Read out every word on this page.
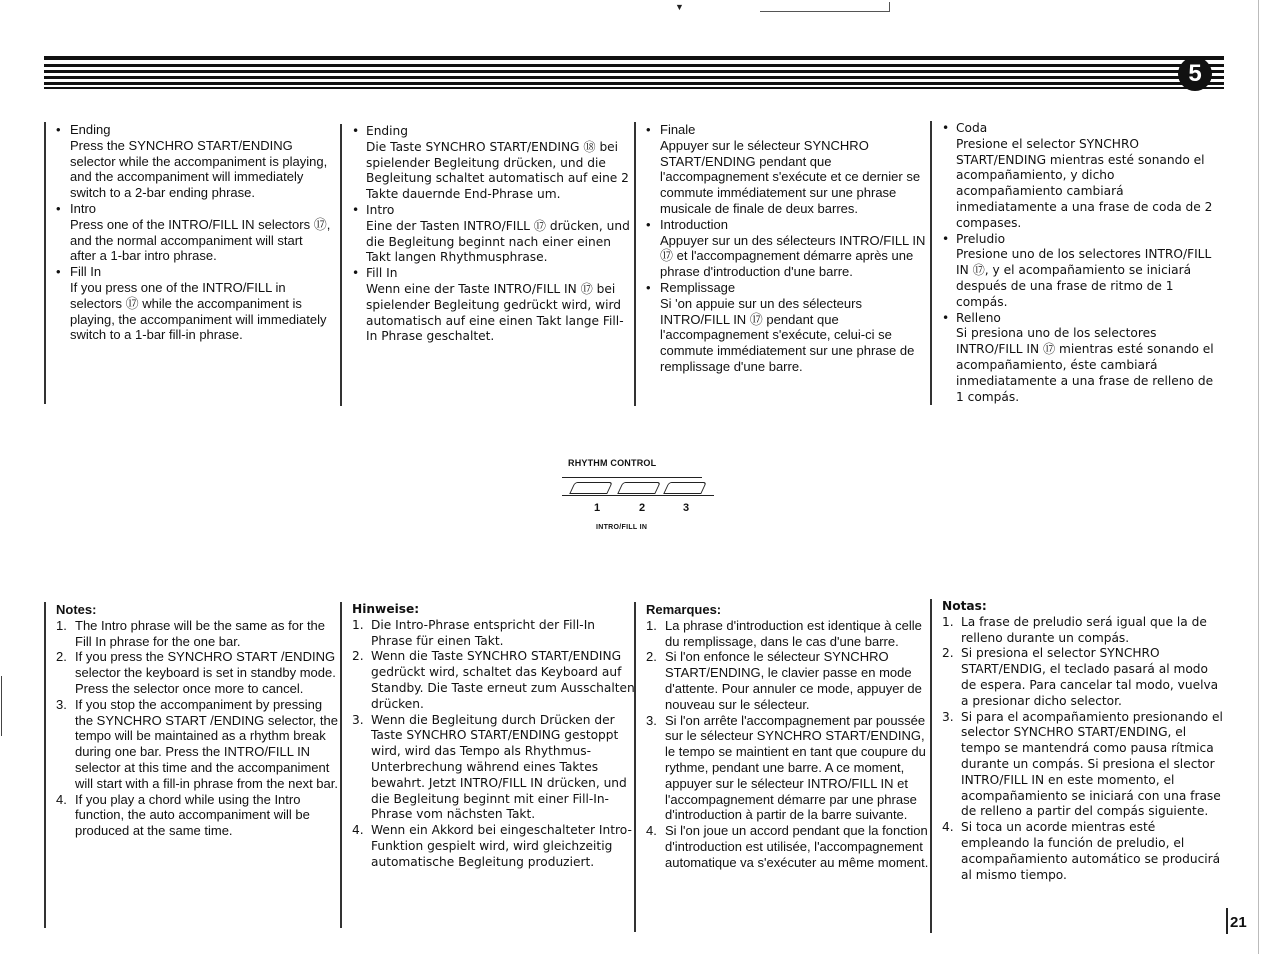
▼
5
• Ending
Press the SYNCHRO START/ENDING selector while the accompaniment is playing, and the accompaniment will immediately switch to a 2-bar ending phrase.
• Intro
Press one of the INTRO/FILL IN selectors ⑰, and the normal accompaniment will start after a 1-bar intro phrase.
• Fill In
If you press one of the INTRO/FILL in selectors ⑰ while the accompaniment is playing, the accompaniment will immediately switch to a 1-bar fill-in phrase.
• Ending
Die Taste SYNCHRO START/ENDING ⑱ bei spielender Begleitung drücken, und die Begleitung schaltet automatisch auf eine 2 Takte dauernde End-Phrase um.
• Intro
Eine der Tasten INTRO/FILL ⑰ drücken, und die Begleitung beginnt nach einer einen Takt langen Rhythmusphrase.
• Fill In
Wenn eine der Taste INTRO/FILL IN ⑰ bei spielender Begleitung gedrückt wird, wird automatisch auf eine einen Takt lange Fill-In Phrase geschaltet.
• Finale
Appuyer sur le sélecteur SYNCHRO START/ENDING pendant que l'accompagnement s'exécute et ce dernier se commute immédiatement sur une phrase musicale de finale de deux barres.
• Introduction
Appuyer sur un des sélecteurs INTRO/FILL IN ⑰ et l'accompagnement démarre après une phrase d'introduction d'une barre.
• Remplissage
Si 'on appuie sur un des sélecteurs INTRO/FILL IN ⑰ pendant que l'accompagnement s'exécute, celui-ci se commute immédiatement sur une phrase de remplissage d'une barre.
• Coda
Presione el selector SYNCHRO START/ENDING mientras esté sonando el acompañamiento, y dicho acompañamiento cambiará inmediatamente a una frase de coda de 2 compases.
• Preludio
Presione uno de los selectores INTRO/FILL IN ⑰, y el acompañamiento se iniciará después de una frase de ritmo de 1 compás.
• Relleno
Si presiona uno de los selectores INTRO/FILL IN ⑰ mientras esté sonando el acompañamiento, éste cambiará inmediatamente a una frase de relleno de 1 compás.
RHYTHM CONTROL
1	2	3
INTRO/FILL IN
Notes:
1. The Intro phrase will be the same as for the Fill In phrase for the one bar.
2. If you press the SYNCHRO START /ENDING selector the keyboard is set in standby mode. Press the selector once more to cancel.
3. If you stop the accompaniment by pressing the SYNCHRO START /ENDING selector, the tempo will be maintained as a rhythm break during one bar. Press the INTRO/FILL IN selector at this time and the accompaniment will start with a fill-in phrase from the next bar.
4. If you play a chord while using the Intro function, the auto accompaniment will be produced at the same time.
Hinweise:
1. Die Intro-Phrase entspricht der Fill-In Phrase für einen Takt.
2. Wenn die Taste SYNCHRO START/ENDING gedrückt wird, schaltet das Keyboard auf Standby. Die Taste erneut zum Ausschalten drücken.
3. Wenn die Begleitung durch Drücken der Taste SYNCHRO START/ENDING gestoppt wird, wird das Tempo als Rhythmus-Unterbrechung während eines Taktes bewahrt. Jetzt INTRO/FILL IN drücken, und die Begleitung beginnt mit einer Fill-In-Phrase vom nächsten Takt.
4. Wenn ein Akkord bei eingeschalteter Intro-Funktion gespielt wird, wird gleichzeitig automatische Begleitung produziert.
Remarques:
1. La phrase d'introduction est identique à celle du remplissage, dans le cas d'une barre.
2. Si l'on enfonce le sélecteur SYNCHRO START/ENDING, le clavier passe en mode d'attente. Pour annuler ce mode, appuyer de nouveau sur le sélecteur.
3. Si l'on arrête l'accompagnement par poussée sur le sélecteur SYNCHRO START/ENDING, le tempo se maintient en tant que coupure du rythme, pendant une barre. A ce moment, appuyer sur le sélecteur INTRO/FILL IN et l'accompagnement démarre par une phrase d'introduction à partir de la barre suivante.
4. Si l'on joue un accord pendant que la fonction d'introduction est utilisée, l'accompagnement automatique va s'exécuter au même moment.
Notas:
1. La frase de preludio será igual que la de relleno durante un compás.
2. Si presiona el selector SYNCHRO START/ENDIG, el teclado pasará al modo de espera. Para cancelar tal modo, vuelva a presionar dicho selector.
3. Si para el acompañamiento presionando el selector SYNCHRO START/ENDING, el tempo se mantendrá como pausa rítmica durante un compás. Si presiona el slector INTRO/FILL IN en este momento, el acompañamiento se iniciará con una frase de relleno a partir del compás siguiente.
4. Si toca un acorde mientras esté empleando la función de preludio, el acompañamiento automático se producirá al mismo tiempo.
21
